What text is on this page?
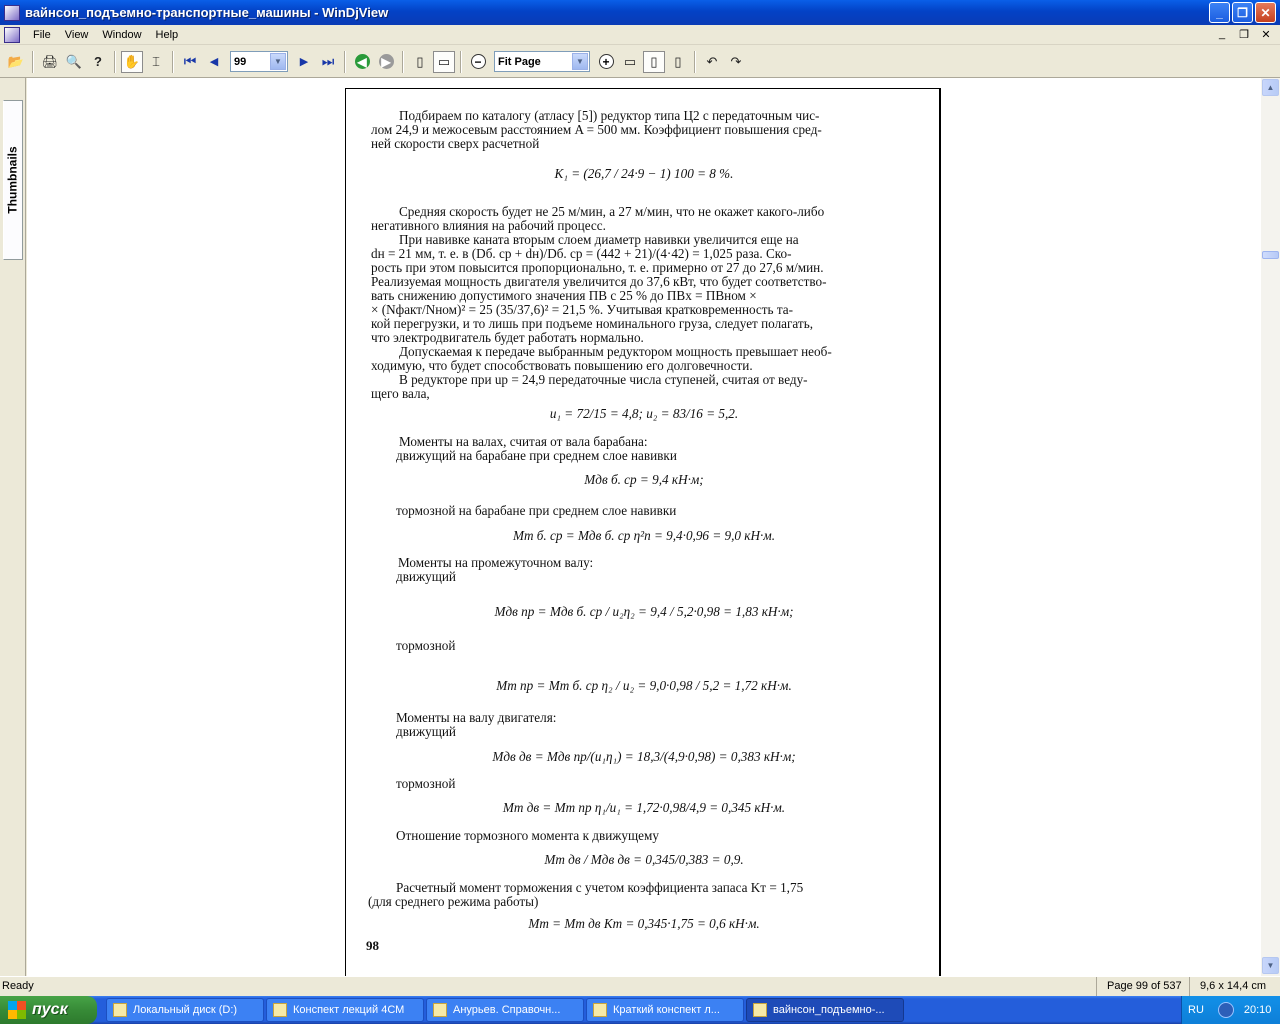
вайнсон_подъемно-транспортные_машины - WinDjView	_	❐	✕
File	View	Window	Help	_	❐	✕
📂 🖨 🔍 ?	✋ ⌶	⏮	◀	99	▼	▶ ⏭	◀ ▶	▯	▭	−	Fit Page	▼	+	▭	▯	▯	↶	↷
Thumbnails
Подбираем по каталогу (атласу [5]) редуктор типа Ц2 с передаточным чис-
лом 24,9 и межосевым расстоянием A = 500 мм. Коэффициент повышения сред-
ней скорости сверх расчетной
K₁ = (26,7 / 24·9 − 1) 100 = 8 %.
Средняя скорость будет не 25 м/мин, а 27 м/мин, что не окажет какого-либо
негативного влияния на рабочий процесс.
При навивке каната вторым слоем диаметр навивки увеличится еще на
dн = 21 мм, т. е. в (Dб. ср + dн)/Dб. ср = (442 + 21)/(4·42) = 1,025 раза. Ско-
рость при этом повысится пропорционально, т. е. примерно от 27 до 27,6 м/мин.
Реализуемая мощность двигателя увеличится до 37,6 кВт, что будет соответство-
вать снижению допустимого значения ПВ с 25 % до ПВx = ПВном ×
× (Nфакт/Nном)² = 25 (35/37,6)² = 21,5 %. Учитывая кратковременность та-
кой перегрузки, и то лишь при подъеме номинального груза, следует полагать,
что электродвигатель будет работать нормально.
Допускаемая к передаче выбранным редуктором мощность превышает необ-
ходимую, что будет способствовать повышению его долговечности.
В редукторе при uр = 24,9 передаточные числа ступеней, считая от веду-
щего вала,
u₁ = 72/15 = 4,8; u₂ = 83/16 = 5,2.
Моменты на валах, считая от вала барабана:
движущий на барабане при среднем слое навивки
Mдв б. ср = 9,4 кН·м;
тормозной на барабане при среднем слое навивки
Mт б. ср = Mдв б. ср η²п = 9,4·0,96 = 9,0 кН·м.
Моменты на промежуточном валу:
движущий
Mдв пр = Mдв б. ср / u₂η₂ = 9,4 / 5,2·0,98 = 1,83 кН·м;
тормозной
Mт пр = Mт б. ср η₂ / u₂ = 9,0·0,98 / 5,2 = 1,72 кН·м.
Моменты на валу двигателя:
движущий
Mдв дв = Mдв пр/(u₁η₁) = 18,3/(4,9·0,98) = 0,383 кН·м;
тормозной
Mт дв = Mт пр η₁/u₁ = 1,72·0,98/4,9 = 0,345 кН·м.
Отношение тормозного момента к движущему
Mт дв / Mдв дв = 0,345/0,383 = 0,9.
Расчетный момент торможения с учетом коэффициента запаса Kт = 1,75
(для среднего режима работы)
Mт = Mт дв Kт = 0,345·1,75 = 0,6 кН·м.
98
▲
▼
Ready	Page 99 of 537	9,6 x 14,4 cm
пуск	Локальный диск (D:)	Конспект лекций 4СМ	Анурьев. Справочн...	Краткий конспект л...	вайнсон_подъемно-...	RU	20:10
